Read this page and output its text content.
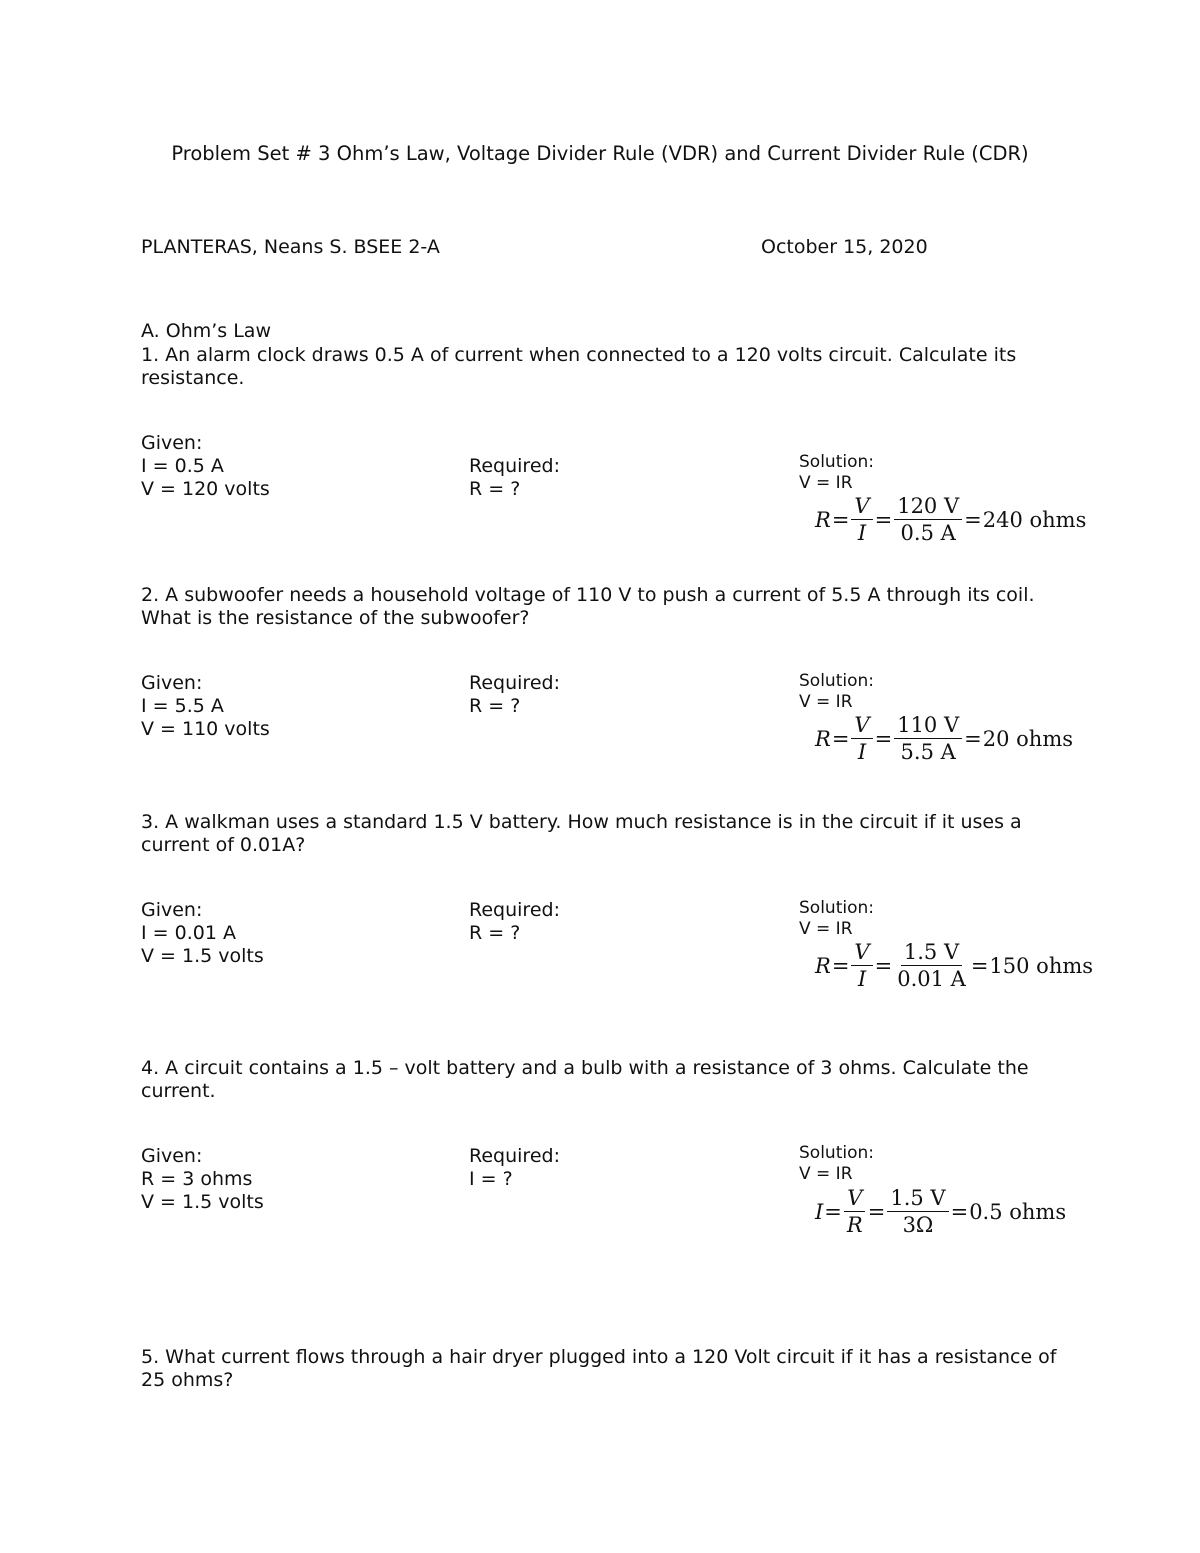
Problem Set # 3 Ohm’s Law, Voltage Divider Rule (VDR) and Current Divider Rule (CDR)
PLANTERAS, Neans S. BSEE 2-A	October 15, 2020
A. Ohm’s Law
1. An alarm clock draws 0.5 A of current when connected to a 120 volts circuit. Calculate its resistance.
Given:
I = 0.5 A
V = 120 volts
Required:
R = ?
Solution:
V = IR
$R = \frac{V}{I} = \frac{120 V}{0.5 A} = 240$ ohms
2. A subwoofer needs a household voltage of 110 V to push a current of 5.5 A through its coil. What is the resistance of the subwoofer?
Given:
I = 5.5 A
V = 110 volts
Required:
R = ?
Solution:
V = IR
$R = \frac{V}{I} = \frac{110 V}{5.5 A} = 20$ ohms
3. A walkman uses a standard 1.5 V battery. How much resistance is in the circuit if it uses a current of 0.01A?
Given:
I = 0.01 A
V = 1.5 volts
Required:
R = ?
Solution:
V = IR
$R = \frac{V}{I} = \frac{1.5 V}{0.01 A} = 150$ ohms
4. A circuit contains a 1.5 – volt battery and a bulb with a resistance of 3 ohms. Calculate the current.
Given:
R = 3 ohms
V = 1.5 volts
Required:
I = ?
Solution:
V = IR
$I = \frac{V}{R} = \frac{1.5 V}{3\Omega} = 0.5$ ohms
5. What current flows through a hair dryer plugged into a 120 Volt circuit if it has a resistance of 25 ohms?
